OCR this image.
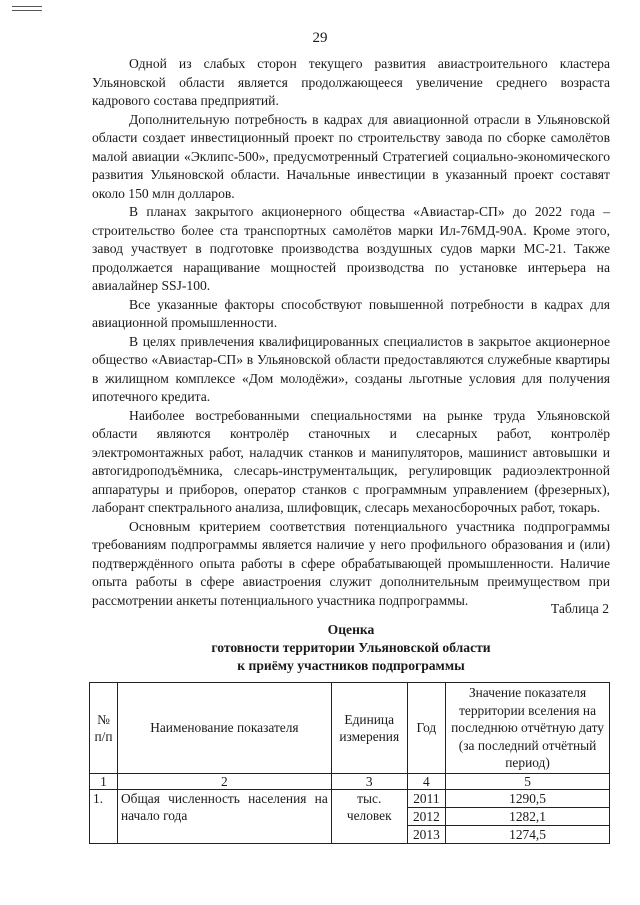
29

Одной из слабых сторон текущего развития авиастроительного кластера Ульяновской области является продолжающееся увеличение среднего возраста кадрового состава предприятий.

Дополнительную потребность в кадрах для авиационной отрасли в Ульяновской области создает инвестиционный проект по строительству завода по сборке самолётов малой авиации «Эклипс-500», предусмотренный Стратегией социально-экономического развития Ульяновской области. Начальные инвестиции в указанный проект составят около 150 млн долларов.

В планах закрытого акционерного общества «Авиастар-СП» до 2022 года – строительство более ста транспортных самолётов марки Ил-76МД-90А. Кроме этого, завод участвует в подготовке производства воздушных судов марки МС-21. Также продолжается наращивание мощностей производства по установке интерьера на авиалайнер SSJ-100.

Все указанные факторы способствуют повышенной потребности в кадрах для авиационной промышленности.

В целях привлечения квалифицированных специалистов в закрытое акционерное общество «Авиастар-СП» в Ульяновской области предоставляются служебные квартиры в жилищном комплексе «Дом молодёжи», созданы льготные условия для получения ипотечного кредита.

Наиболее востребованными специальностями на рынке труда Ульяновской области являются контролёр станочных и слесарных работ, контролёр электромонтажных работ, наладчик станков и манипуляторов, машинист автовышки и автогидроподъёмника, слесарь-инструментальщик, регулировщик радиоэлектронной аппаратуры и приборов, оператор станков с программным управлением (фрезерных), лаборант спектрального анализа, шлифовщик, слесарь механосборочных работ, токарь.

Основным критерием соответствия потенциального участника подпрограммы требованиям подпрограммы является наличие у него профильного образования и (или) подтверждённого опыта работы в сфере обрабатывающей промышленности. Наличие опыта работы в сфере авиастроения служит дополнительным преимуществом при рассмотрении анкеты потенциального участника подпрограммы.

Таблица 2
Оценка
готовности территории Ульяновской области
к приёму участников подпрограммы
№ п/п	Наименование показателя	Единица измерения	Год	Значение показателя территории вселения на последнюю отчётную дату (за последний отчётный период)
1	2	3	4	5
1.	Общая численность населения на начало года	тыс. человек	2011	1290,5
			2012	1282,1
			2013	1274,5
